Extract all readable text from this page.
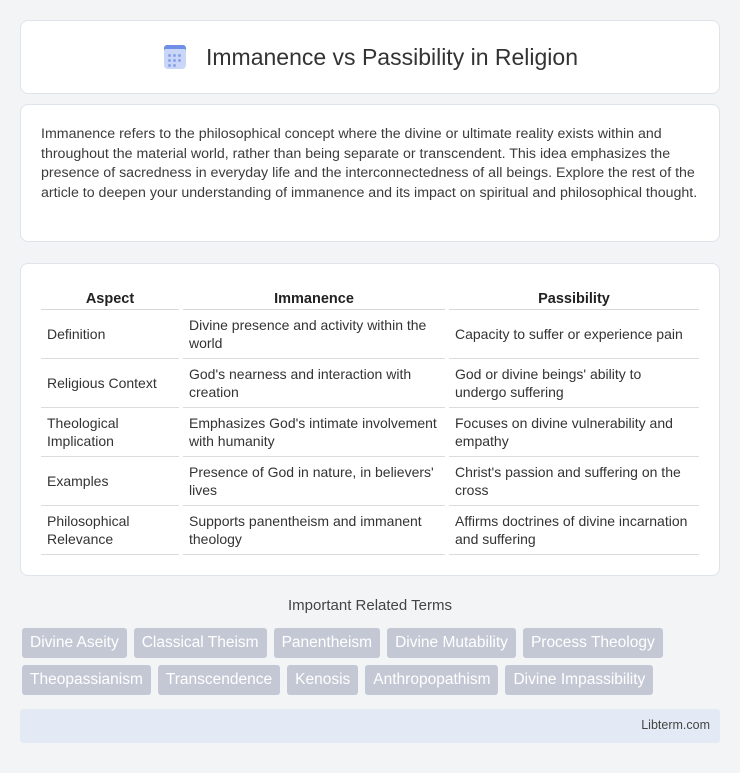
Immanence vs Passibility in Religion

Immanence refers to the philosophical concept where the divine or ultimate reality exists within and throughout the material world, rather than being separate or transcendent. This idea emphasizes the presence of sacredness in everyday life and the interconnectedness of all beings. Explore the rest of the article to deepen your understanding of immanence and its impact on spiritual and philosophical thought.

Aspect	Immanence	Passibility
Definition	Divine presence and activity within the world	Capacity to suffer or experience pain
Religious Context	God's nearness and interaction with creation	God or divine beings' ability to undergo suffering
Theological Implication	Emphasizes God's intimate involvement with humanity	Focuses on divine vulnerability and empathy
Examples	Presence of God in nature, in believers' lives	Christ's passion and suffering on the cross
Philosophical Relevance	Supports panentheism and immanent theology	Affirms doctrines of divine incarnation and suffering
Important Related Terms
Divine Aseity	Classical Theism	Panentheism	Divine Mutability	Process Theology
Theopassianism	Transcendence	Kenosis	Anthropopathism	Divine Impassibility
Libterm.com
